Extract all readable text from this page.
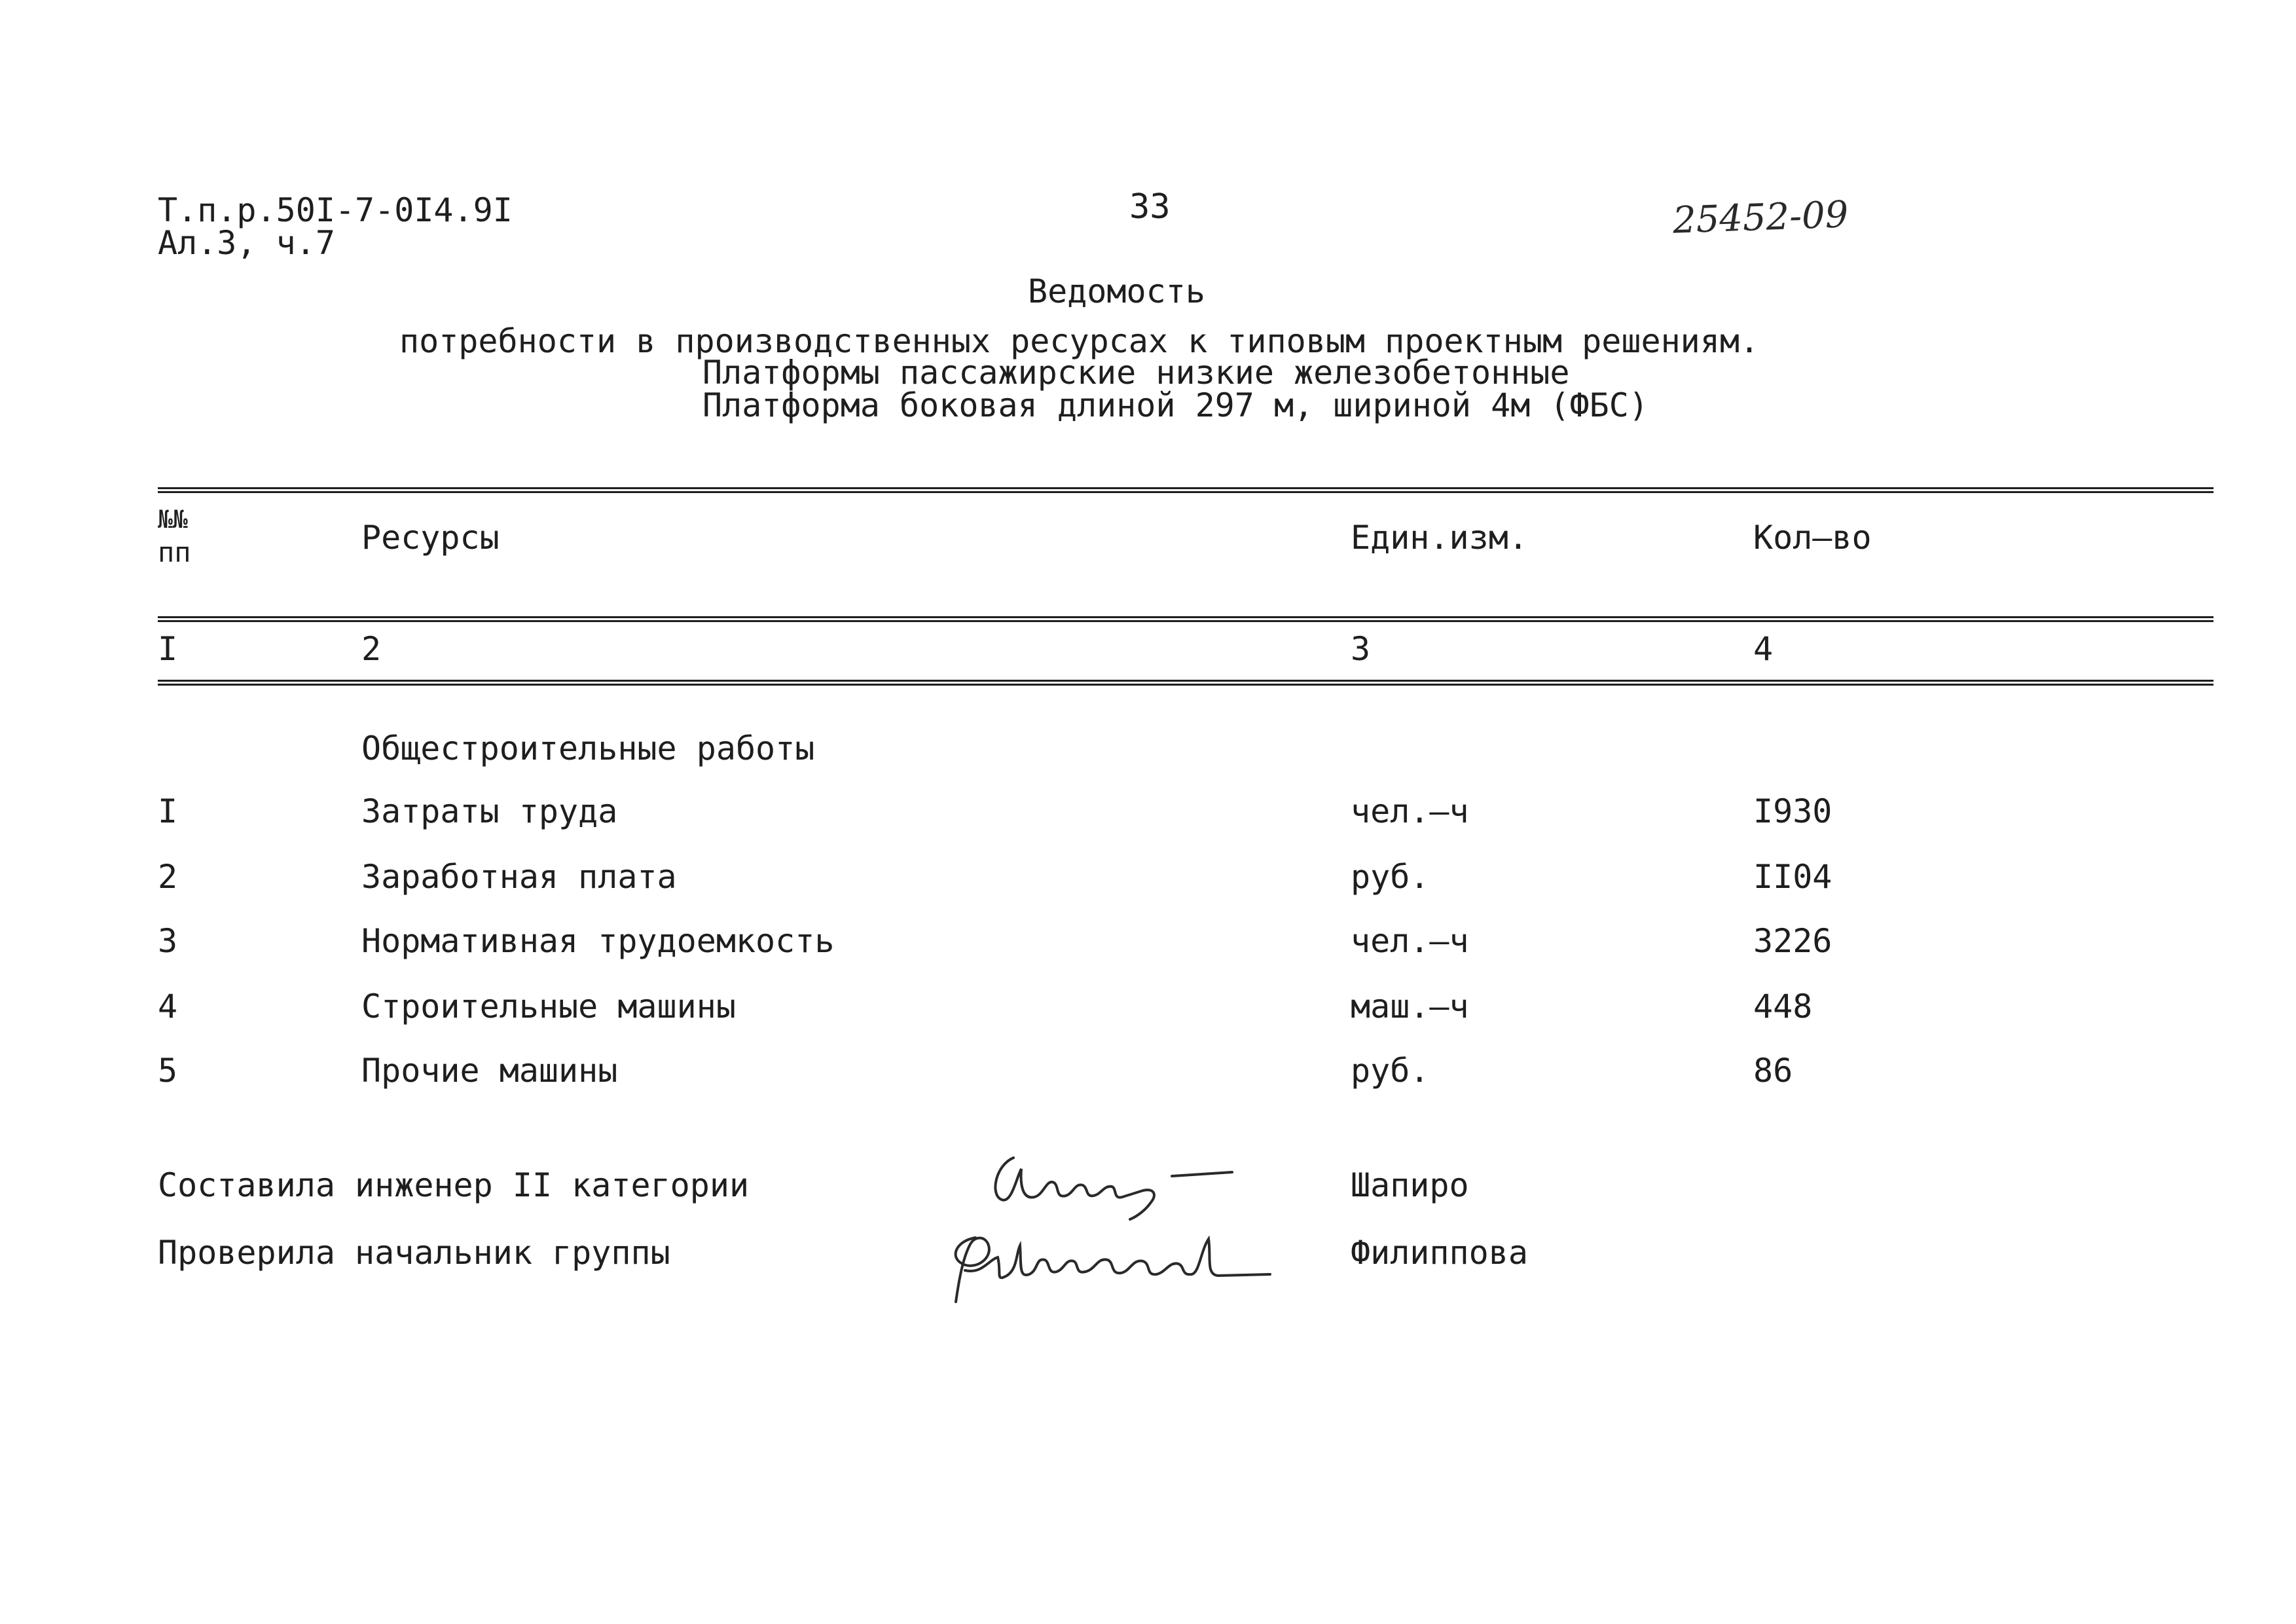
Т.п.р.50I-7-0I4.9I
Ал.3, ч.7
33	25452-09
Ведомость
потребности в производственных ресурсах к типовым проектным решениям.
Платформы пассажирские низкие железобетонные
Платформа боковая длиной 297 м, шириной 4м (ФБС)
№№
пп	Ресурсы	Един.изм.	Кол–во
I	2	3	4
Общестроительные работы
I	Затраты труда	чел.–ч	I930
2	Заработная плата	руб.	II04
3	Нормативная трудоемкость	чел.–ч	3226
4	Строительные машины	маш.–ч	448
5	Прочие машины	руб.	86
Составила инженер II категории	Шапиро
Проверила начальник группы	Филиппова
